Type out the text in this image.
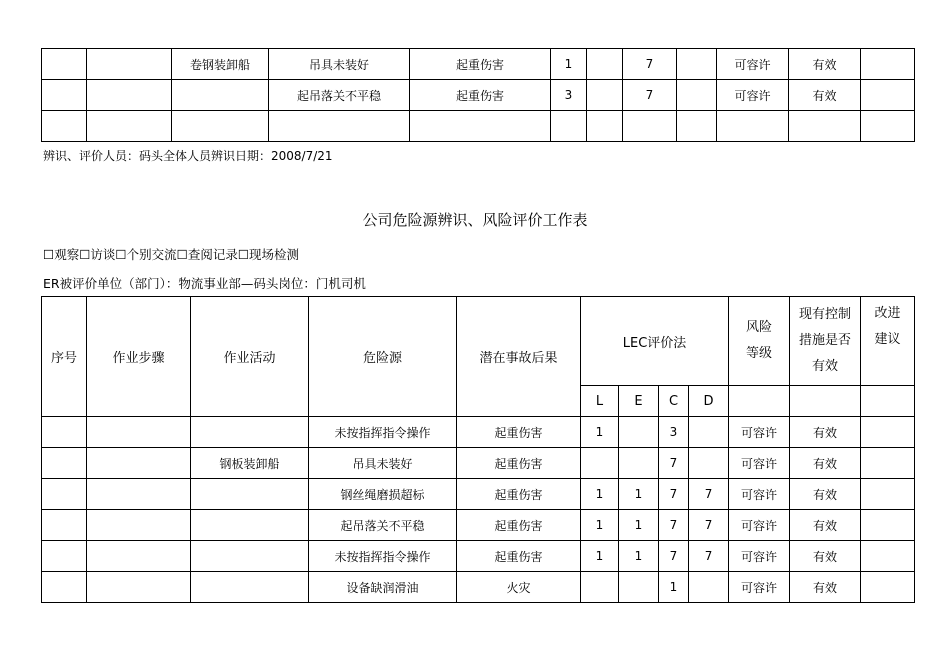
		卷钢装卸船	吊具未装好	起重伤害	1		7		可容许	有效	
			起吊落关不平稳	起重伤害	3		7		可容许	有效	

辨识、评价人员：码头全体人员辨识日期：2008/7/21
公司危险源辨识、风险评价工作表
☐观察☐访谈☐个别交流☐查阅记录☐现场检测
ER被评价单位（部门）：物流事业部—码头岗位：门机司机
序号	作业步骤	作业活动	危险源	潜在事故后果	LEC评价法				风险等级	现有控制措施是否有效	改进建议
					L	E	C	D			
			未按指挥指令操作	起重伤害	1		3		可容许	有效	
		钢板装卸船	吊具未装好	起重伤害			7		可容许	有效	
			钢丝绳磨损超标	起重伤害	1	1	7	7	可容许	有效	
			起吊落关不平稳	起重伤害	1	1	7	7	可容许	有效	
			未按指挥指令操作	起重伤害	1	1	7	7	可容许	有效	
			设备缺润滑油	火灾			1		可容许	有效	
